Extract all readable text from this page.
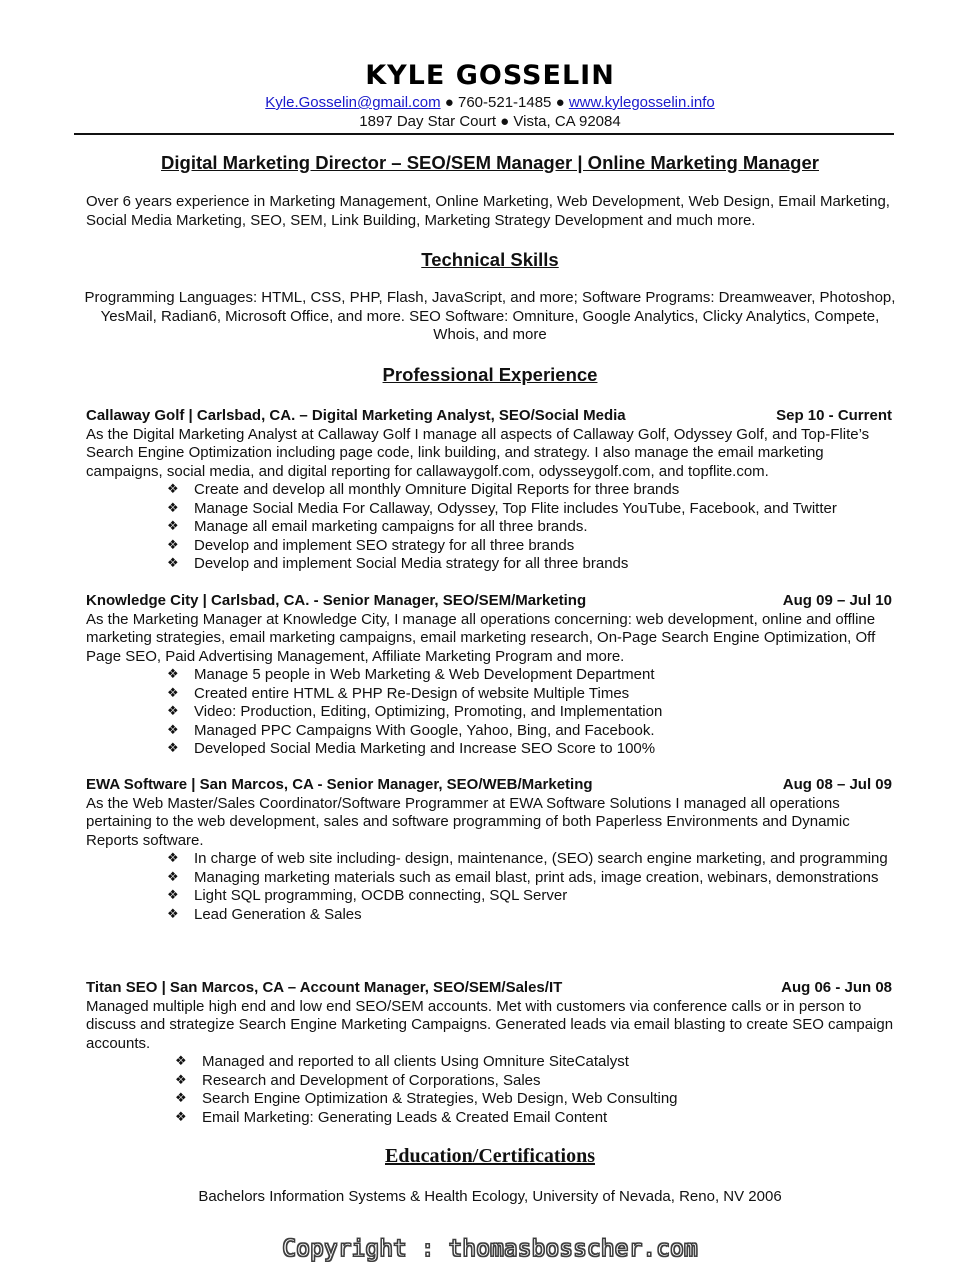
KYLE GOSSELIN
Kyle.Gosselin@gmail.com ● 760-521-1485 ● www.kylegosselin.info
1897 Day Star Court ● Vista, CA 92084
Digital Marketing Director – SEO/SEM Manager | Online Marketing Manager
Over 6 years experience in Marketing Management, Online Marketing, Web Development, Web Design, Email Marketing, Social Media Marketing, SEO, SEM, Link Building, Marketing Strategy Development and much more.
Technical Skills
Programming Languages: HTML, CSS, PHP, Flash, JavaScript, and more; Software Programs: Dreamweaver, Photoshop, YesMail, Radian6, Microsoft Office, and more. SEO Software: Omniture, Google Analytics, Clicky Analytics, Compete, Whois, and more
Professional Experience
Callaway Golf | Carlsbad, CA. – Digital Marketing Analyst, SEO/Social Media	Sep 10 - Current

As the Digital Marketing Analyst at Callaway Golf I manage all aspects of Callaway Golf, Odyssey Golf, and Top-Flite’s Search Engine Optimization including page code, link building, and strategy. I also manage the email marketing campaigns, social media, and digital reporting for callawaygolf.com, odysseygolf.com, and topflite.com.

❖ Create and develop all monthly Omniture Digital Reports for three brands
❖ Manage Social Media For Callaway, Odyssey, Top Flite includes YouTube, Facebook, and Twitter
❖ Manage all email marketing campaigns for all three brands.
❖ Develop and implement SEO strategy for all three brands
❖ Develop and implement Social Media strategy for all three brands
Knowledge City | Carlsbad, CA. - Senior Manager, SEO/SEM/Marketing	Aug 09 – Jul 10

As the Marketing Manager at Knowledge City, I manage all operations concerning: web development, online and offline marketing strategies, email marketing campaigns, email marketing research, On-Page Search Engine Optimization, Off Page SEO, Paid Advertising Management, Affiliate Marketing Program and more.

❖ Manage 5 people in Web Marketing & Web Development Department
❖ Created entire HTML & PHP Re-Design of website Multiple Times
❖ Video: Production, Editing, Optimizing, Promoting, and Implementation
❖ Managed PPC Campaigns With Google, Yahoo, Bing, and Facebook.
❖ Developed Social Media Marketing and Increase SEO Score to 100%
EWA Software | San Marcos, CA - Senior Manager, SEO/WEB/Marketing	Aug 08 – Jul 09

As the Web Master/Sales Coordinator/Software Programmer at EWA Software Solutions I managed all operations pertaining to the web development, sales and software programming of both Paperless Environments and Dynamic Reports software.

❖ In charge of web site including- design, maintenance, (SEO) search engine marketing, and programming
❖ Managing marketing materials such as email blast, print ads, image creation, webinars, demonstrations
❖ Light SQL programming, OCDB connecting, SQL Server
❖ Lead Generation & Sales
Titan SEO | San Marcos, CA – Account Manager, SEO/SEM/Sales/IT	Aug 06 - Jun 08

Managed multiple high end and low end SEO/SEM accounts. Met with customers via conference calls or in person to discuss and strategize Search Engine Marketing Campaigns. Generated leads via email blasting to create SEO campaign accounts.

❖ Managed and reported to all clients Using Omniture SiteCatalyst
❖ Research and Development of Corporations, Sales
❖ Search Engine Optimization & Strategies, Web Design, Web Consulting
❖ Email Marketing: Generating Leads & Created Email Content
Education/Certifications
Bachelors Information Systems & Health Ecology, University of Nevada, Reno, NV 2006
Copyright : thomasbosscher.com
